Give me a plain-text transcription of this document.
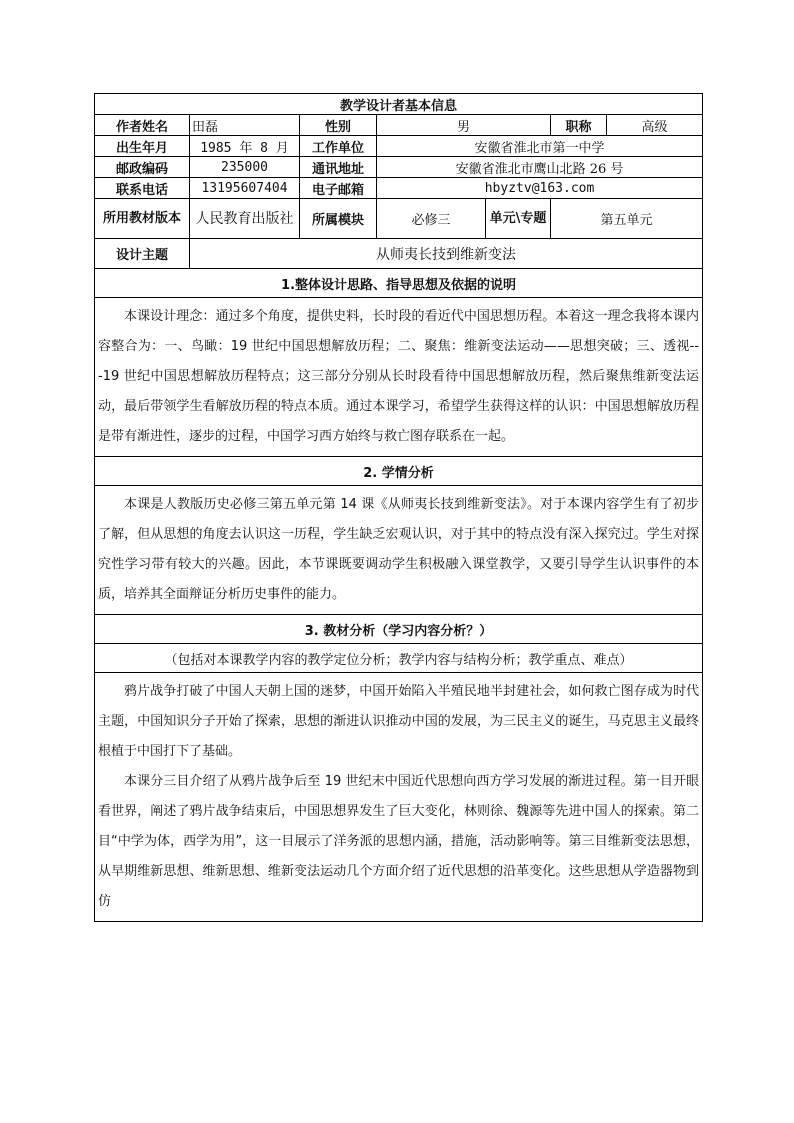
教学设计者基本信息						
作者姓名	田磊	性别	男		职称	高级
出生年月	1985 年 8 月	工作单位	安徽省淮北市第一中学			
邮政编码	235000	通讯地址	安徽省淮北市鹰山北路 26 号			
联系电话	13195607404	电子邮箱	hbyztv@163.com			
所用教材版本	人民教育出版社	所属模块	必修三	单元\专题	第五单元	
设计主题	从师夷长技到维新变法					
1.整体设计思路、指导思想及依据的说明						

本课设计理念：通过多个角度，提供史料，长时段的看近代中国思想历程。本着这一理念我将本课内容整合为：一、鸟瞰：19 世纪中国思想解放历程；二、聚焦：维新变法运动——思想突破；三、透视---19 世纪中国思想解放历程特点；这三部分分别从长时段看待中国思想解放历程，然后聚焦维新变法运动，最后带领学生看解放历程的特点本质。通过本课学习，希望学生获得这样的认识：中国思想解放历程是带有渐进性，逐步的过程，中国学习西方始终与救亡图存联系在一起。						

2. 学情分析						

本课是人教版历史必修三第五单元第 14 课《从师夷长技到维新变法》。对于本课内容学生有了初步了解，但从思想的角度去认识这一历程，学生缺乏宏观认识，对于其中的特点没有深入探究过。学生对探究性学习带有较大的兴趣。因此，本节课既要调动学生积极融入课堂教学，又要引导学生认识事件的本质，培养其全面辩证分析历史事件的能力。						

3. 教材分析（学习内容分析？）						
（包括对本课教学内容的教学定位分析；教学内容与结构分析；教学重点、难点）						

鸦片战争打破了中国人天朝上国的迷梦，中国开始陷入半殖民地半封建社会，如何救亡图存成为时代主题，中国知识分子开始了探索，思想的渐进认识推动中国的发展，为三民主义的诞生，马克思主义最终根植于中国打下了基础。

本课分三目介绍了从鸦片战争后至 19 世纪末中国近代思想向西方学习发展的渐进过程。第一目开眼看世界，阐述了鸦片战争结束后，中国思想界发生了巨大变化，林则徐、魏源等先进中国人的探索。第二目“中学为体，西学为用”，这一目展示了洋务派的思想内涵，措施，活动影响等。第三目维新变法思想，从早期维新思想、维新思想、维新变法运动几个方面介绍了近代思想的沿革变化。这些思想从学造器物到仿						
